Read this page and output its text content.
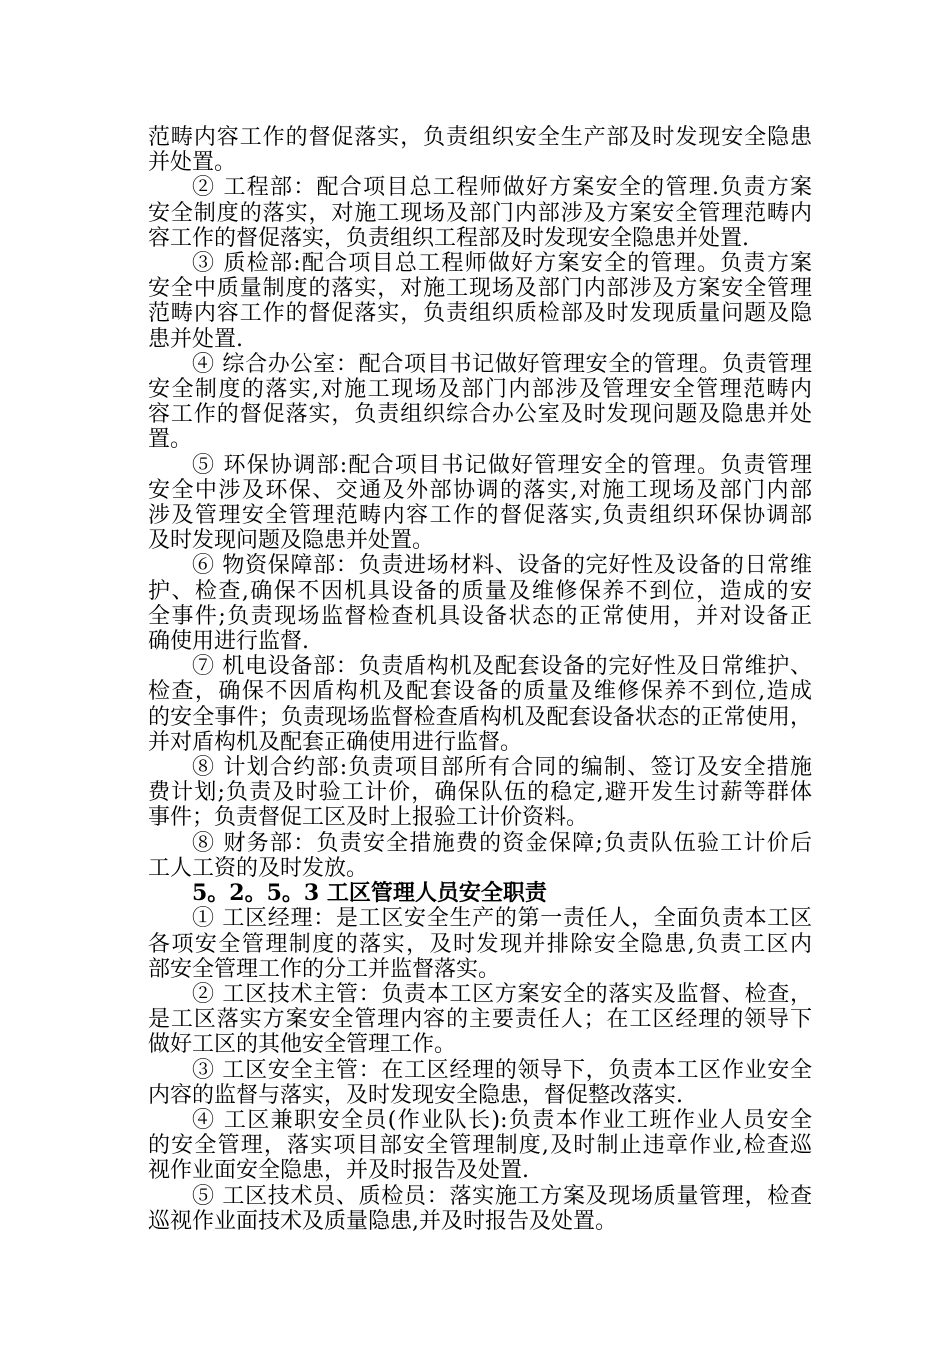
范畴内容工作的督促落实，负责组织安全生产部及时发现安全隐患
并处置。
② 工程部：配合项目总工程师做好方案安全的管理.负责方案
安全制度的落实，对施工现场及部门内部涉及方案安全管理范畴内
容工作的督促落实，负责组织工程部及时发现安全隐患并处置.
③ 质检部:配合项目总工程师做好方案安全的管理。负责方案
安全中质量制度的落实，对施工现场及部门内部涉及方案安全管理
范畴内容工作的督促落实，负责组织质检部及时发现质量问题及隐
患并处置.
④ 综合办公室：配合项目书记做好管理安全的管理。负责管理
安全制度的落实,对施工现场及部门内部涉及管理安全管理范畴内
容工作的督促落实，负责组织综合办公室及时发现问题及隐患并处
置。
⑤ 环保协调部:配合项目书记做好管理安全的管理。负责管理
安全中涉及环保、交通及外部协调的落实,对施工现场及部门内部
涉及管理安全管理范畴内容工作的督促落实,负责组织环保协调部
及时发现问题及隐患并处置。
⑥ 物资保障部：负责进场材料、设备的完好性及设备的日常维
护、检查,确保不因机具设备的质量及维修保养不到位，造成的安
全事件;负责现场监督检查机具设备状态的正常使用，并对设备正
确使用进行监督.
⑦ 机电设备部：负责盾构机及配套设备的完好性及日常维护、
检查，确保不因盾构机及配套设备的质量及维修保养不到位,造成
的安全事件；负责现场监督检查盾构机及配套设备状态的正常使用，
并对盾构机及配套正确使用进行监督。
⑧ 计划合约部:负责项目部所有合同的编制、签订及安全措施
费计划;负责及时验工计价，确保队伍的稳定,避开发生讨薪等群体
事件；负责督促工区及时上报验工计价资料。
⑧ 财务部：负责安全措施费的资金保障;负责队伍验工计价后
工人工资的及时发放。
5。2。5。3 工区管理人员安全职责
① 工区经理：是工区安全生产的第一责任人，全面负责本工区
各项安全管理制度的落实，及时发现并排除安全隐患,负责工区内
部安全管理工作的分工并监督落实。
② 工区技术主管：负责本工区方案安全的落实及监督、检查，
是工区落实方案安全管理内容的主要责任人；在工区经理的领导下
做好工区的其他安全管理工作。
③ 工区安全主管：在工区经理的领导下，负责本工区作业安全
内容的监督与落实，及时发现安全隐患，督促整改落实.
④ 工区兼职安全员(作业队长):负责本作业工班作业人员安全
的安全管理，落实项目部安全管理制度,及时制止违章作业,检查巡
视作业面安全隐患，并及时报告及处置.
⑤ 工区技术员、质检员：落实施工方案及现场质量管理，检查
巡视作业面技术及质量隐患,并及时报告及处置。
